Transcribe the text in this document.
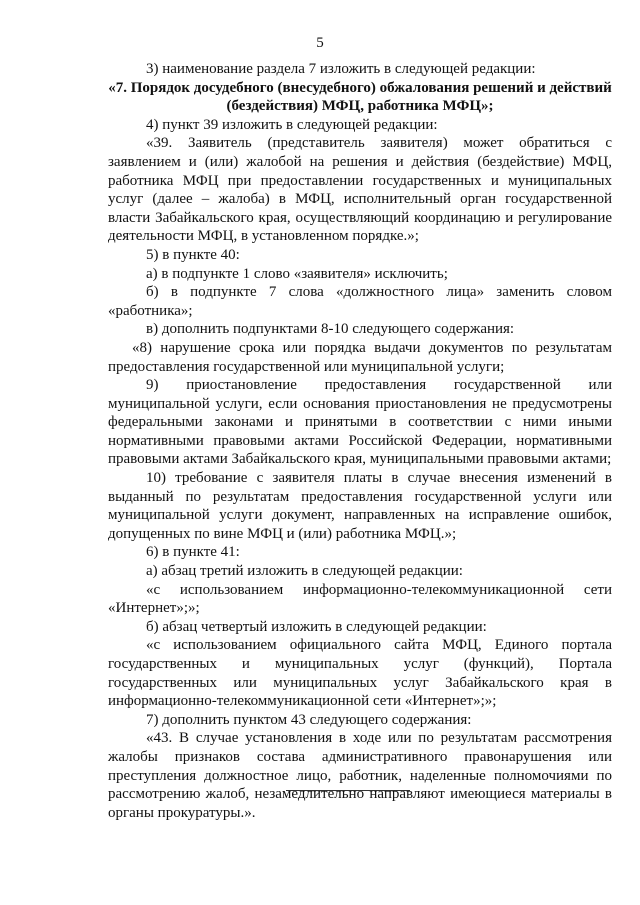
5

3) наименование раздела 7 изложить в следующей редакции:

«7. Порядок досудебного (внесудебного) обжалования решений и действий (бездействия) МФЦ, работника МФЦ»;

4) пункт 39 изложить в следующей редакции:

«39. Заявитель (представитель заявителя) может обратиться с заявлением и (или) жалобой на решения и действия (бездействие) МФЦ, работника МФЦ при предоставлении государственных и муниципальных услуг (далее – жалоба) в МФЦ, исполнительный орган государственной власти Забайкальского края, осуществляющий координацию и регулирование деятельности МФЦ, в установленном порядке.»;

5) в пункте 40:

а) в подпункте 1 слово «заявителя» исключить;

б) в подпункте 7 слова «должностного лица» заменить словом «работника»;

в) дополнить подпунктами 8-10 следующего содержания:

«8) нарушение срока или порядка выдачи документов по результатам предоставления государственной или муниципальной услуги;

9) приостановление предоставления государственной или муниципальной услуги, если основания приостановления не предусмотрены федеральными законами и принятыми в соответствии с ними иными нормативными правовыми актами Российской Федерации, нормативными правовыми актами Забайкальского края, муниципальными правовыми актами;

10) требование с заявителя платы в случае внесения изменений в выданный по результатам предоставления государственной услуги или муниципальной услуги документ, направленных на исправление ошибок, допущенных по вине МФЦ и (или) работника МФЦ.»;

6) в пункте 41:

а) абзац третий изложить в следующей редакции:

«с использованием информационно-телекоммуникационной сети «Интернет»;»;

б) абзац четвертый изложить в следующей редакции:

«с использованием официального сайта МФЦ, Единого портала государственных и муниципальных услуг (функций), Портала государственных или муниципальных услуг Забайкальского края в информационно-телекоммуникационной сети «Интернет»;»;

7) дополнить пунктом 43 следующего содержания:

«43. В случае установления в ходе или по результатам рассмотрения жалобы признаков состава административного правонарушения или преступления должностное лицо, работник, наделенные полномочиями по рассмотрению жалоб, незамедлительно направляют имеющиеся материалы в органы прокуратуры.».
